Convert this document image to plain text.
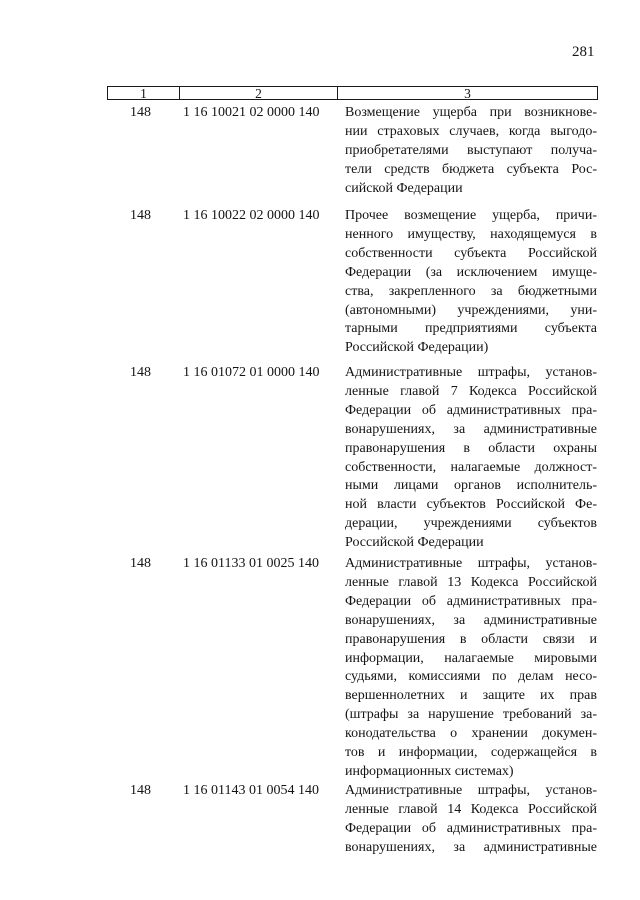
281
1	2	3
148 1 16 10021 02 0000 140 Возмещение ущерба при возникнове-
нии страховых случаев, когда выгодо-
приобретателями выступают получа-
тели средств бюджета субъекта Рос-
сийской Федерации
148 1 16 10022 02 0000 140 Прочее возмещение ущерба, причи-
ненного имуществу, находящемуся в
собственности субъекта Российской
Федерации (за исключением имуще-
ства, закрепленного за бюджетными
(автономными) учреждениями, уни-
тарными предприятиями субъекта
Российской Федерации)
148 1 16 01072 01 0000 140 Административные штрафы, установ-
ленные главой 7 Кодекса Российской
Федерации об административных пра-
вонарушениях, за административные
правонарушения в области охраны
собственности, налагаемые должност-
ными лицами органов исполнитель-
ной власти субъектов Российской Фе-
дерации, учреждениями субъектов
Российской Федерации
148 1 16 01133 01 0025 140 Административные штрафы, установ-
ленные главой 13 Кодекса Российской
Федерации об административных пра-
вонарушениях, за административные
правонарушения в области связи и
информации, налагаемые мировыми
судьями, комиссиями по делам несо-
вершеннолетних и защите их прав
(штрафы за нарушение требований за-
конодательства о хранении докумен-
тов и информации, содержащейся в
информационных системах)
148 1 16 01143 01 0054 140 Административные штрафы, установ-
ленные главой 14 Кодекса Российской
Федерации об административных пра-
вонарушениях, за административные
